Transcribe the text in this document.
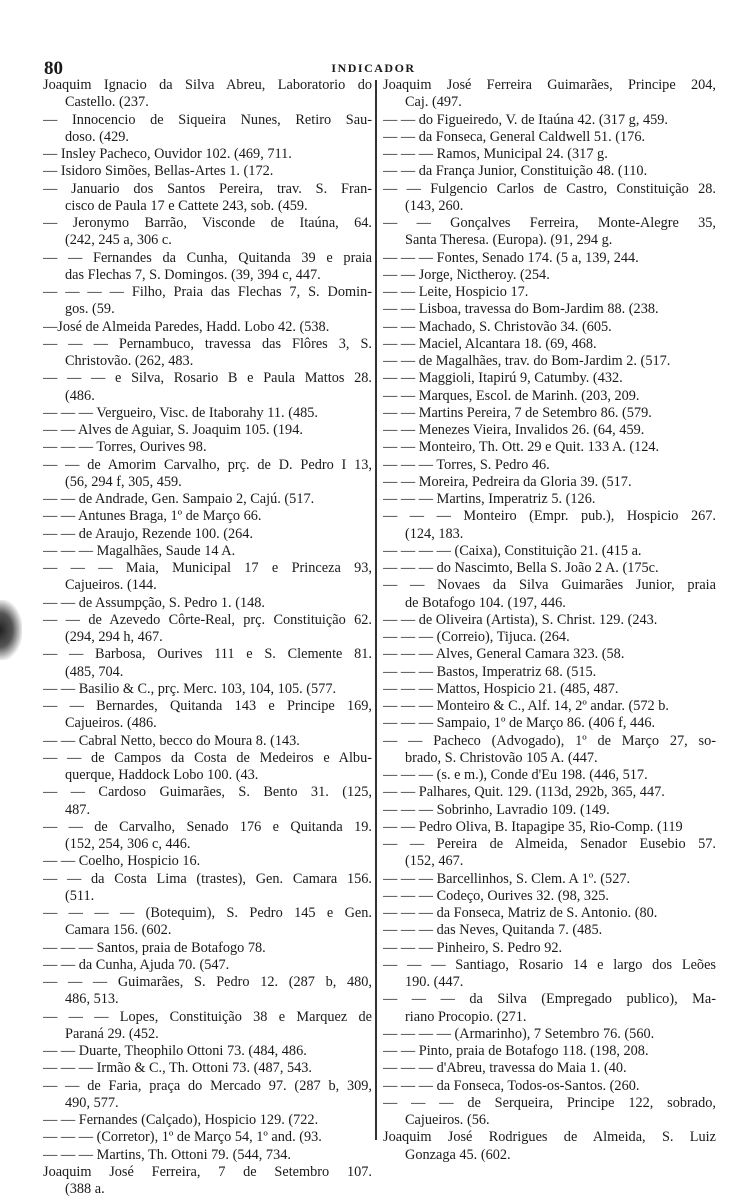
80	INDICADOR
Joaquim Ignacio da Silva Abreu, Laboratorio do
Castello. (237.
— Innocencio de Siqueira Nunes, Retiro Sau-
doso. (429.
— Insley Pacheco, Ouvidor 102. (469, 711.
— Isidoro Simões, Bellas-Artes 1. (172.
— Januario dos Santos Pereira, trav. S. Fran-
cisco de Paula 17 e Cattete 243, sob. (459.
— Jeronymo Barrão, Visconde de Itaúna, 64.
(242, 245 a, 306 c.
— — Fernandes da Cunha, Quitanda 39 e praia
das Flechas 7, S. Domingos. (39, 394 c, 447.
— — — — Filho, Praia das Flechas 7, S. Domin-
gos. (59.
—José de Almeida Paredes, Hadd. Lobo 42. (538.
— — — Pernambuco, travessa das Flôres 3, S.
Christovão. (262, 483.
— — — e Silva, Rosario B e Paula Mattos 28.
(486.
— — — Vergueiro, Visc. de Itaborahy 11. (485.
— — Alves de Aguiar, S. Joaquim 105. (194.
— — — Torres, Ourives 98.
— — de Amorim Carvalho, prç. de D. Pedro I 13,
(56, 294 f, 305, 459.
— — de Andrade, Gen. Sampaio 2, Cajú. (517.
— — Antunes Braga, 1º de Março 66.
— — de Araujo, Rezende 100. (264.
— — — Magalhães, Saude 14 A.
— — — Maia, Municipal 17 e Princeza 93,
Cajueiros. (144.
— — de Assumpção, S. Pedro 1. (148.
— — de Azevedo Côrte-Real, prç. Constituição 62.
(294, 294 h, 467.
— — Barbosa, Ourives 111 e S. Clemente 81.
(485, 704.
— — Basilio & C., prç. Merc. 103, 104, 105. (577.
— — Bernardes, Quitanda 143 e Principe 169,
Cajueiros. (486.
— — Cabral Netto, becco do Moura 8. (143.
— — de Campos da Costa de Medeiros e Albu-
querque, Haddock Lobo 100. (43.
— — Cardoso Guimarães, S. Bento 31. (125,
487.
— — de Carvalho, Senado 176 e Quitanda 19.
(152, 254, 306 c, 446.
— — Coelho, Hospicio 16.
— — da Costa Lima (trastes), Gen. Camara 156.
(511.
— — — — (Botequim), S. Pedro 145 e Gen.
Camara 156. (602.
— — — Santos, praia de Botafogo 78.
— — da Cunha, Ajuda 70. (547.
— — — Guimarães, S. Pedro 12. (287 b, 480,
486, 513.
— — — Lopes, Constituição 38 e Marquez de
Paraná 29. (452.
— — Duarte, Theophilo Ottoni 73. (484, 486.
— — — Irmão & C., Th. Ottoni 73. (487, 543.
— — de Faria, praça do Mercado 97. (287 b, 309,
490, 577.
— — Fernandes (Calçado), Hospicio 129. (722.
— — — (Corretor), 1º de Março 54, 1º and. (93.
— — — Martins, Th. Ottoni 79. (544, 734.
Joaquim José Ferreira, 7 de Setembro 107.
(388 a.
Joaquim José Ferreira Guimarães, Principe 204,
Caj. (497.
— — do Figueiredo, V. de Itaúna 42. (317 g, 459.
— — da Fonseca, General Caldwell 51. (176.
— — — Ramos, Municipal 24. (317 g.
— — da França Junior, Constituição 48. (110.
— — Fulgencio Carlos de Castro, Constituição 28.
(143, 260.
— — Gonçalves Ferreira, Monte-Alegre 35,
Santa Theresa. (Europa). (91, 294 g.
— — — Fontes, Senado 174. (5 a, 139, 244.
— — Jorge, Nictheroy. (254.
— — Leite, Hospicio 17.
— — Lisboa, travessa do Bom-Jardim 88. (238.
— — Machado, S. Christovão 34. (605.
— — Maciel, Alcantara 18. (69, 468.
— — de Magalhães, trav. do Bom-Jardim 2. (517.
— — Maggioli, Itapirú 9, Catumby. (432.
— — Marques, Escol. de Marinh. (203, 209.
— — Martins Pereira, 7 de Setembro 86. (579.
— — Menezes Vieira, Invalidos 26. (64, 459.
— — Monteiro, Th. Ott. 29 e Quit. 133 A. (124.
— — — Torres, S. Pedro 46.
— — Moreira, Pedreira da Gloria 39. (517.
— — — Martins, Imperatriz 5. (126.
— — — Monteiro (Empr. pub.), Hospicio 267.
(124, 183.
— — — — (Caixa), Constituição 21. (415 a.
— — — do Nascimto, Bella S. João 2 A. (175c.
— — Novaes da Silva Guimarães Junior, praia
de Botafogo 104. (197, 446.
— — de Oliveira (Artista), S. Christ. 129. (243.
— — — (Correio), Tijuca. (264.
— — — Alves, General Camara 323. (58.
— — — Bastos, Imperatriz 68. (515.
— — — Mattos, Hospicio 21. (485, 487.
— — — Monteiro & C., Alf. 14, 2º andar. (572 b.
— — — Sampaio, 1º de Março 86. (406 f, 446.
— — Pacheco (Advogado), 1º de Março 27, so-
brado, S. Christovão 105 A. (447.
— — — (s. e m.), Conde d'Eu 198. (446, 517.
— — Palhares, Quit. 129. (113d, 292b, 365, 447.
— — — Sobrinho, Lavradio 109. (149.
— — Pedro Oliva, B. Itapagipe 35, Rio-Comp. (119
— — Pereira de Almeida, Senador Eusebio 57.
(152, 467.
— — — Barcellinhos, S. Clem. A 1º. (527.
— — — Codeço, Ourives 32. (98, 325.
— — — da Fonseca, Matriz de S. Antonio. (80.
— — — das Neves, Quitanda 7. (485.
— — — Pinheiro, S. Pedro 92.
— — — Santiago, Rosario 14 e largo dos Leões
190. (447.
— — — da Silva (Empregado publico), Ma-
riano Procopio. (271.
— — — — (Armarinho), 7 Setembro 76. (560.
— — Pinto, praia de Botafogo 118. (198, 208.
— — — d'Abreu, travessa do Maia 1. (40.
— — — da Fonseca, Todos-os-Santos. (260.
— — — de Serqueira, Principe 122, sobrado,
Cajueiros. (56.
Joaquim José Rodrigues de Almeida, S. Luiz
Gonzaga 45. (602.
